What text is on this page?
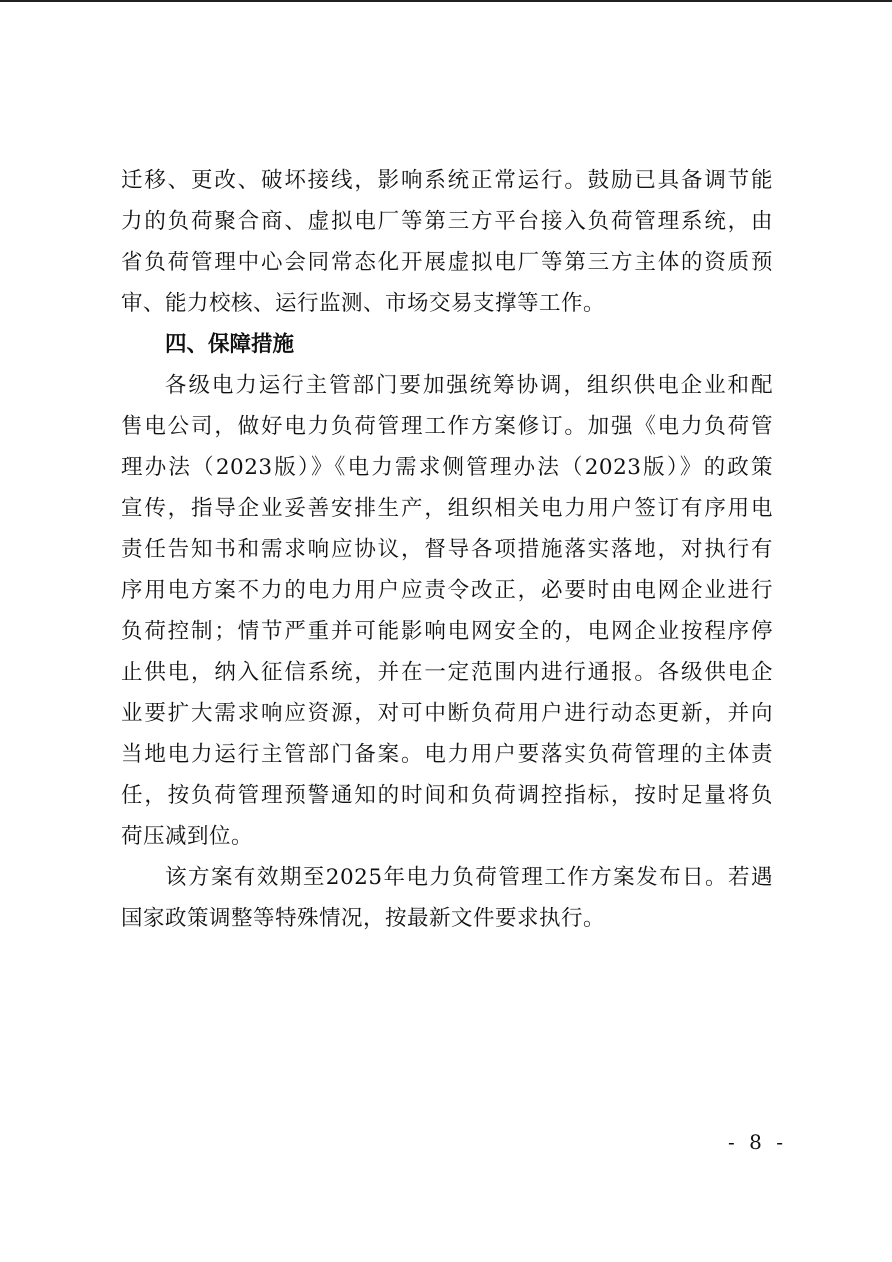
迁移、更改、破坏接线，影响系统正常运行。鼓励已具备调节能
力的负荷聚合商、虚拟电厂等第三方平台接入负荷管理系统，由
省负荷管理中心会同常态化开展虚拟电厂等第三方主体的资质预
审、能力校核、运行监测、市场交易支撑等工作。
四、保障措施
各级电力运行主管部门要加强统筹协调，组织供电企业和配
售电公司，做好电力负荷管理工作方案修订。加强《电力负荷管
理办法（2023版）》《电力需求侧管理办法（2023版）》的政策
宣传，指导企业妥善安排生产，组织相关电力用户签订有序用电
责任告知书和需求响应协议，督导各项措施落实落地，对执行有
序用电方案不力的电力用户应责令改正，必要时由电网企业进行
负荷控制；情节严重并可能影响电网安全的，电网企业按程序停
止供电，纳入征信系统，并在一定范围内进行通报。各级供电企
业要扩大需求响应资源，对可中断负荷用户进行动态更新，并向
当地电力运行主管部门备案。电力用户要落实负荷管理的主体责
任，按负荷管理预警通知的时间和负荷调控指标，按时足量将负
荷压减到位。
该方案有效期至2025年电力负荷管理工作方案发布日。若遇
国家政策调整等特殊情况，按最新文件要求执行。
- 8 -
